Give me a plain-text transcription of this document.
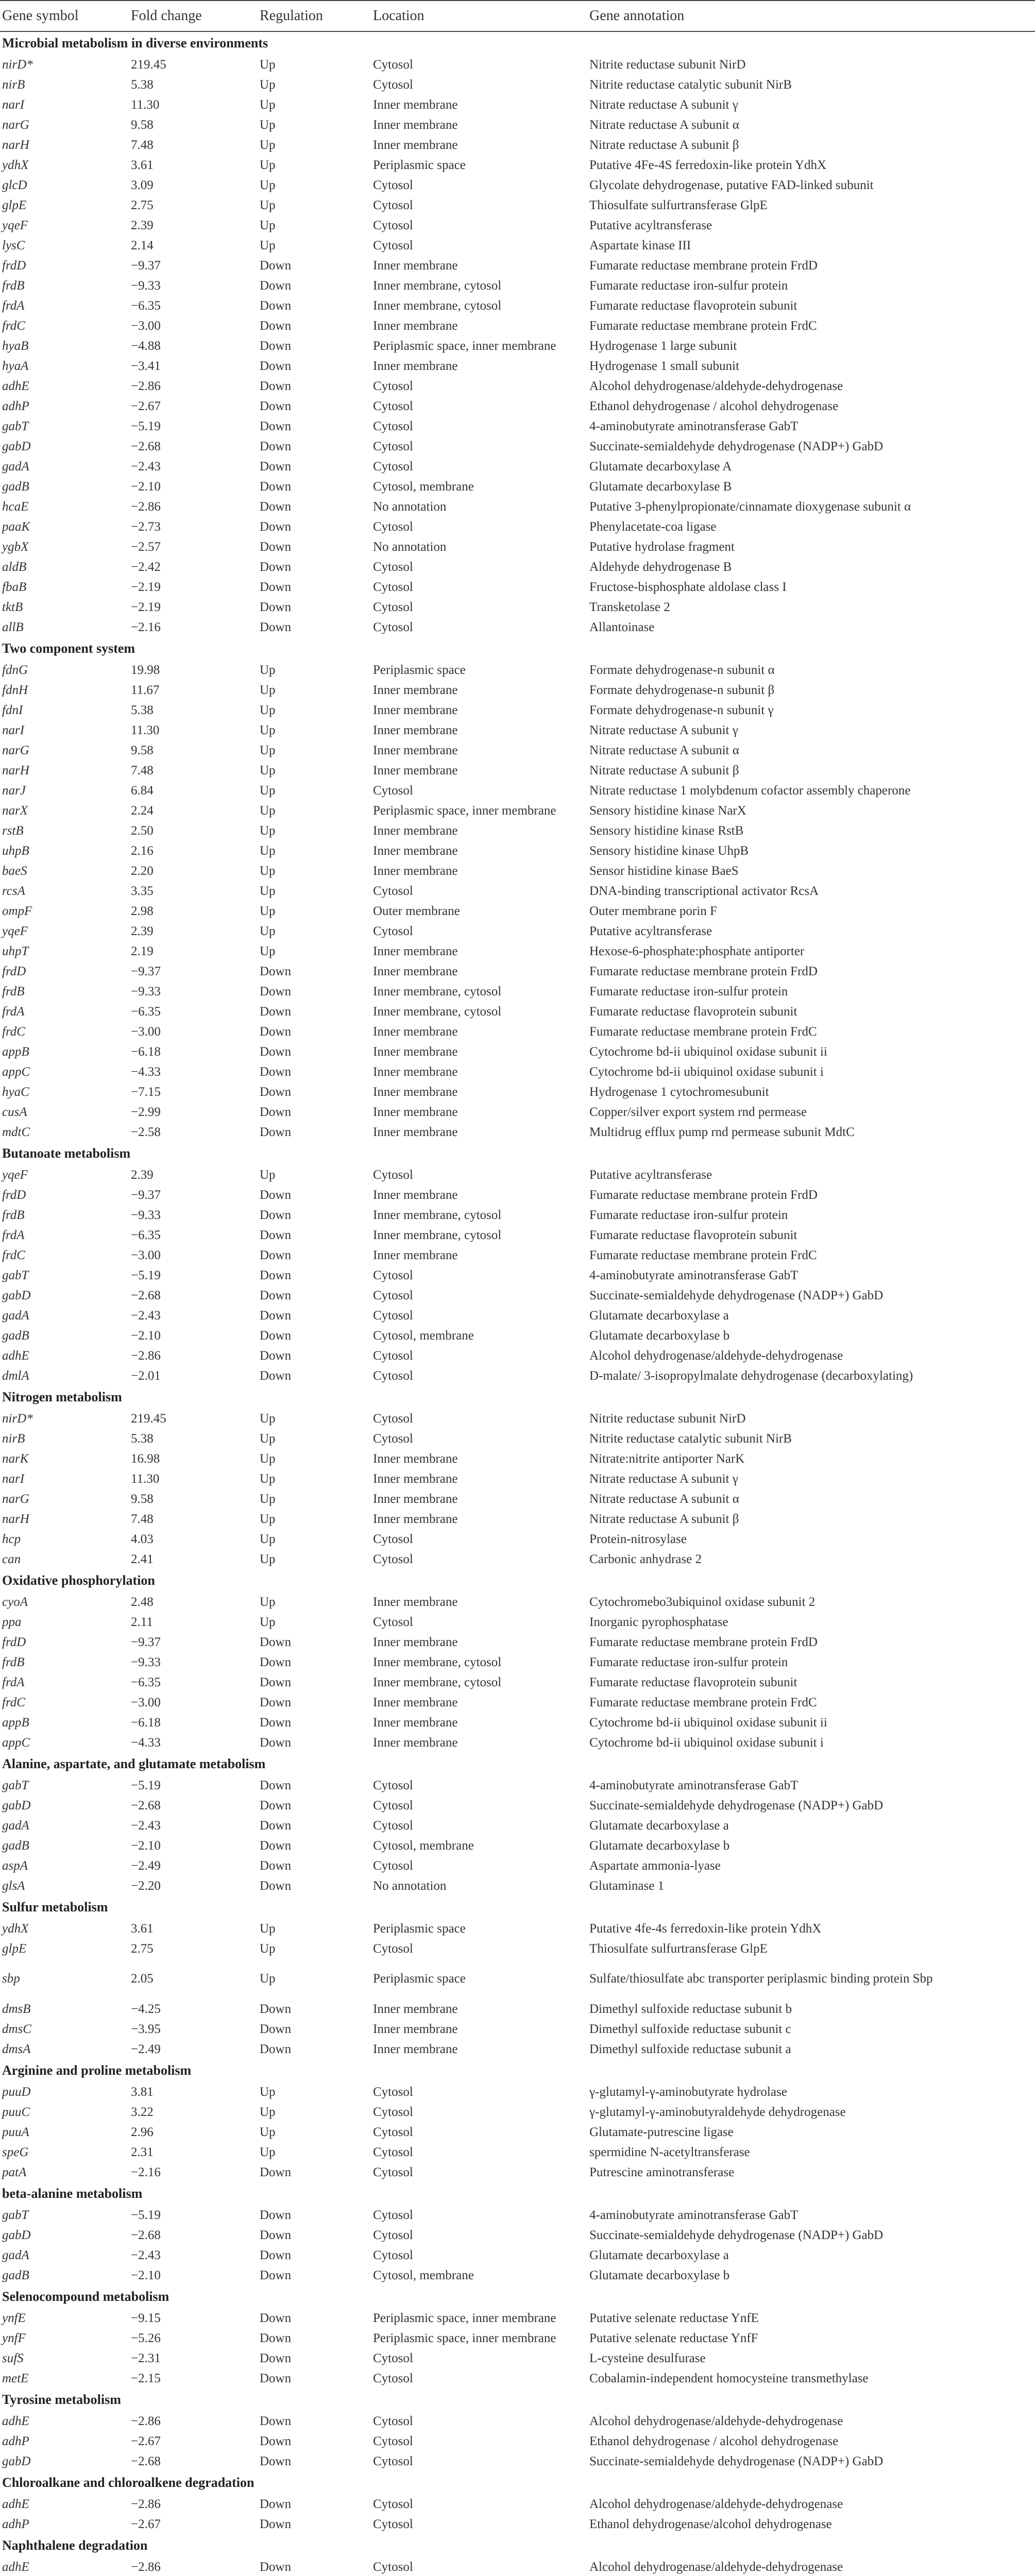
Gene symbol	Fold change	Regulation	Location	Gene annotation
Microbial metabolism in diverse environments				
nirD*	219.45	Up	Cytosol	Nitrite reductase subunit NirD
nirB	5.38	Up	Cytosol	Nitrite reductase catalytic subunit NirB
narI	11.30	Up	Inner membrane	Nitrate reductase A subunit γ
narG	9.58	Up	Inner membrane	Nitrate reductase A subunit α
narH	7.48	Up	Inner membrane	Nitrate reductase A subunit β
ydhX	3.61	Up	Periplasmic space	Putative 4Fe-4S ferredoxin-like protein YdhX
glcD	3.09	Up	Cytosol	Glycolate dehydrogenase, putative FAD-linked subunit
glpE	2.75	Up	Cytosol	Thiosulfate sulfurtransferase GlpE
yqeF	2.39	Up	Cytosol	Putative acyltransferase
lysC	2.14	Up	Cytosol	Aspartate kinase III
frdD	−9.37	Down	Inner membrane	Fumarate reductase membrane protein FrdD
frdB	−9.33	Down	Inner membrane, cytosol	Fumarate reductase iron-sulfur protein
frdA	−6.35	Down	Inner membrane, cytosol	Fumarate reductase flavoprotein subunit
frdC	−3.00	Down	Inner membrane	Fumarate reductase membrane protein FrdC
hyaB	−4.88	Down	Periplasmic space, inner membrane	Hydrogenase 1 large subunit
hyaA	−3.41	Down	Inner membrane	Hydrogenase 1 small subunit
adhE	−2.86	Down	Cytosol	Alcohol dehydrogenase/aldehyde-dehydrogenase
adhP	−2.67	Down	Cytosol	Ethanol dehydrogenase / alcohol dehydrogenase
gabT	−5.19	Down	Cytosol	4-aminobutyrate aminotransferase GabT
gabD	−2.68	Down	Cytosol	Succinate-semialdehyde dehydrogenase (NADP+) GabD
gadA	−2.43	Down	Cytosol	Glutamate decarboxylase A
gadB	−2.10	Down	Cytosol, membrane	Glutamate decarboxylase B
hcaE	−2.86	Down	No annotation	Putative 3-phenylpropionate/cinnamate dioxygenase subunit α
paaK	−2.73	Down	Cytosol	Phenylacetate-coa ligase
ygbX	−2.57	Down	No annotation	Putative hydrolase fragment
aldB	−2.42	Down	Cytosol	Aldehyde dehydrogenase B
fbaB	−2.19	Down	Cytosol	Fructose-bisphosphate aldolase class I
tktB	−2.19	Down	Cytosol	Transketolase 2
allB	−2.16	Down	Cytosol	Allantoinase
Two component system				
fdnG	19.98	Up	Periplasmic space	Formate dehydrogenase-n subunit α
fdnH	11.67	Up	Inner membrane	Formate dehydrogenase-n subunit β
fdnI	5.38	Up	Inner membrane	Formate dehydrogenase-n subunit γ
narI	11.30	Up	Inner membrane	Nitrate reductase A subunit γ
narG	9.58	Up	Inner membrane	Nitrate reductase A subunit α
narH	7.48	Up	Inner membrane	Nitrate reductase A subunit β
narJ	6.84	Up	Cytosol	Nitrate reductase 1 molybdenum cofactor assembly chaperone
narX	2.24	Up	Periplasmic space, inner membrane	Sensory histidine kinase NarX
rstB	2.50	Up	Inner membrane	Sensory histidine kinase RstB
uhpB	2.16	Up	Inner membrane	Sensory histidine kinase UhpB
baeS	2.20	Up	Inner membrane	Sensor histidine kinase BaeS
rcsA	3.35	Up	Cytosol	DNA-binding transcriptional activator RcsA
ompF	2.98	Up	Outer membrane	Outer membrane porin F
yqeF	2.39	Up	Cytosol	Putative acyltransferase
uhpT	2.19	Up	Inner membrane	Hexose-6-phosphate:phosphate antiporter
frdD	−9.37	Down	Inner membrane	Fumarate reductase membrane protein FrdD
frdB	−9.33	Down	Inner membrane, cytosol	Fumarate reductase iron-sulfur protein
frdA	−6.35	Down	Inner membrane, cytosol	Fumarate reductase flavoprotein subunit
frdC	−3.00	Down	Inner membrane	Fumarate reductase membrane protein FrdC
appB	−6.18	Down	Inner membrane	Cytochrome bd-ii ubiquinol oxidase subunit ii
appC	−4.33	Down	Inner membrane	Cytochrome bd-ii ubiquinol oxidase subunit i
hyaC	−7.15	Down	Inner membrane	Hydrogenase 1 cytochromesubunit
cusA	−2.99	Down	Inner membrane	Copper/silver export system rnd permease
mdtC	−2.58	Down	Inner membrane	Multidrug efflux pump rnd permease subunit MdtC
Butanoate metabolism				
yqeF	2.39	Up	Cytosol	Putative acyltransferase
frdD	−9.37	Down	Inner membrane	Fumarate reductase membrane protein FrdD
frdB	−9.33	Down	Inner membrane, cytosol	Fumarate reductase iron-sulfur protein
frdA	−6.35	Down	Inner membrane, cytosol	Fumarate reductase flavoprotein subunit
frdC	−3.00	Down	Inner membrane	Fumarate reductase membrane protein FrdC
gabT	−5.19	Down	Cytosol	4-aminobutyrate aminotransferase GabT
gabD	−2.68	Down	Cytosol	Succinate-semialdehyde dehydrogenase (NADP+) GabD
gadA	−2.43	Down	Cytosol	Glutamate decarboxylase a
gadB	−2.10	Down	Cytosol, membrane	Glutamate decarboxylase b
adhE	−2.86	Down	Cytosol	Alcohol dehydrogenase/aldehyde-dehydrogenase
dmlA	−2.01	Down	Cytosol	D-malate/ 3-isopropylmalate dehydrogenase (decarboxylating)
Nitrogen metabolism				
nirD*	219.45	Up	Cytosol	Nitrite reductase subunit NirD
nirB	5.38	Up	Cytosol	Nitrite reductase catalytic subunit NirB
narK	16.98	Up	Inner membrane	Nitrate:nitrite antiporter NarK
narI	11.30	Up	Inner membrane	Nitrate reductase A subunit γ
narG	9.58	Up	Inner membrane	Nitrate reductase A subunit α
narH	7.48	Up	Inner membrane	Nitrate reductase A subunit β
hcp	4.03	Up	Cytosol	Protein-nitrosylase
can	2.41	Up	Cytosol	Carbonic anhydrase 2
Oxidative phosphorylation				
cyoA	2.48	Up	Inner membrane	Cytochromebo3ubiquinol oxidase subunit 2
ppa	2.11	Up	Cytosol	Inorganic pyrophosphatase
frdD	−9.37	Down	Inner membrane	Fumarate reductase membrane protein FrdD
frdB	−9.33	Down	Inner membrane, cytosol	Fumarate reductase iron-sulfur protein
frdA	−6.35	Down	Inner membrane, cytosol	Fumarate reductase flavoprotein subunit
frdC	−3.00	Down	Inner membrane	Fumarate reductase membrane protein FrdC
appB	−6.18	Down	Inner membrane	Cytochrome bd-ii ubiquinol oxidase subunit ii
appC	−4.33	Down	Inner membrane	Cytochrome bd-ii ubiquinol oxidase subunit i
Alanine, aspartate, and glutamate metabolism				
gabT	−5.19	Down	Cytosol	4-aminobutyrate aminotransferase GabT
gabD	−2.68	Down	Cytosol	Succinate-semialdehyde dehydrogenase (NADP+) GabD
gadA	−2.43	Down	Cytosol	Glutamate decarboxylase a
gadB	−2.10	Down	Cytosol, membrane	Glutamate decarboxylase b
aspA	−2.49	Down	Cytosol	Aspartate ammonia-lyase
glsA	−2.20	Down	No annotation	Glutaminase 1
Sulfur metabolism				
ydhX	3.61	Up	Periplasmic space	Putative 4fe-4s ferredoxin-like protein YdhX
glpE	2.75	Up	Cytosol	Thiosulfate sulfurtransferase GlpE
sbp	2.05	Up	Periplasmic space	Sulfate/thiosulfate abc transporter periplasmic binding protein Sbp
dmsB	−4.25	Down	Inner membrane	Dimethyl sulfoxide reductase subunit b
dmsC	−3.95	Down	Inner membrane	Dimethyl sulfoxide reductase subunit c
dmsA	−2.49	Down	Inner membrane	Dimethyl sulfoxide reductase subunit a
Arginine and proline metabolism				
puuD	3.81	Up	Cytosol	γ-glutamyl-γ-aminobutyrate hydrolase
puuC	3.22	Up	Cytosol	γ-glutamyl-γ-aminobutyraldehyde dehydrogenase
puuA	2.96	Up	Cytosol	Glutamate-putrescine ligase
speG	2.31	Up	Cytosol	spermidine N-acetyltransferase
patA	−2.16	Down	Cytosol	Putrescine aminotransferase
beta-alanine metabolism				
gabT	−5.19	Down	Cytosol	4-aminobutyrate aminotransferase GabT
gabD	−2.68	Down	Cytosol	Succinate-semialdehyde dehydrogenase (NADP+) GabD
gadA	−2.43	Down	Cytosol	Glutamate decarboxylase a
gadB	−2.10	Down	Cytosol, membrane	Glutamate decarboxylase b
Selenocompound metabolism				
ynfE	−9.15	Down	Periplasmic space, inner membrane	Putative selenate reductase YnfE
ynfF	−5.26	Down	Periplasmic space, inner membrane	Putative selenate reductase YnfF
sufS	−2.31	Down	Cytosol	L-cysteine desulfurase
metE	−2.15	Down	Cytosol	Cobalamin-independent homocysteine transmethylase
Tyrosine metabolism				
adhE	−2.86	Down	Cytosol	Alcohol dehydrogenase/aldehyde-dehydrogenase
adhP	−2.67	Down	Cytosol	Ethanol dehydrogenase / alcohol dehydrogenase
gabD	−2.68	Down	Cytosol	Succinate-semialdehyde dehydrogenase (NADP+) GabD
Chloroalkane and chloroalkene degradation				
adhE	−2.86	Down	Cytosol	Alcohol dehydrogenase/aldehyde-dehydrogenase
adhP	−2.67	Down	Cytosol	Ethanol dehydrogenase/alcohol dehydrogenase
Naphthalene degradation				
adhE	−2.86	Down	Cytosol	Alcohol dehydrogenase/aldehyde-dehydrogenase
